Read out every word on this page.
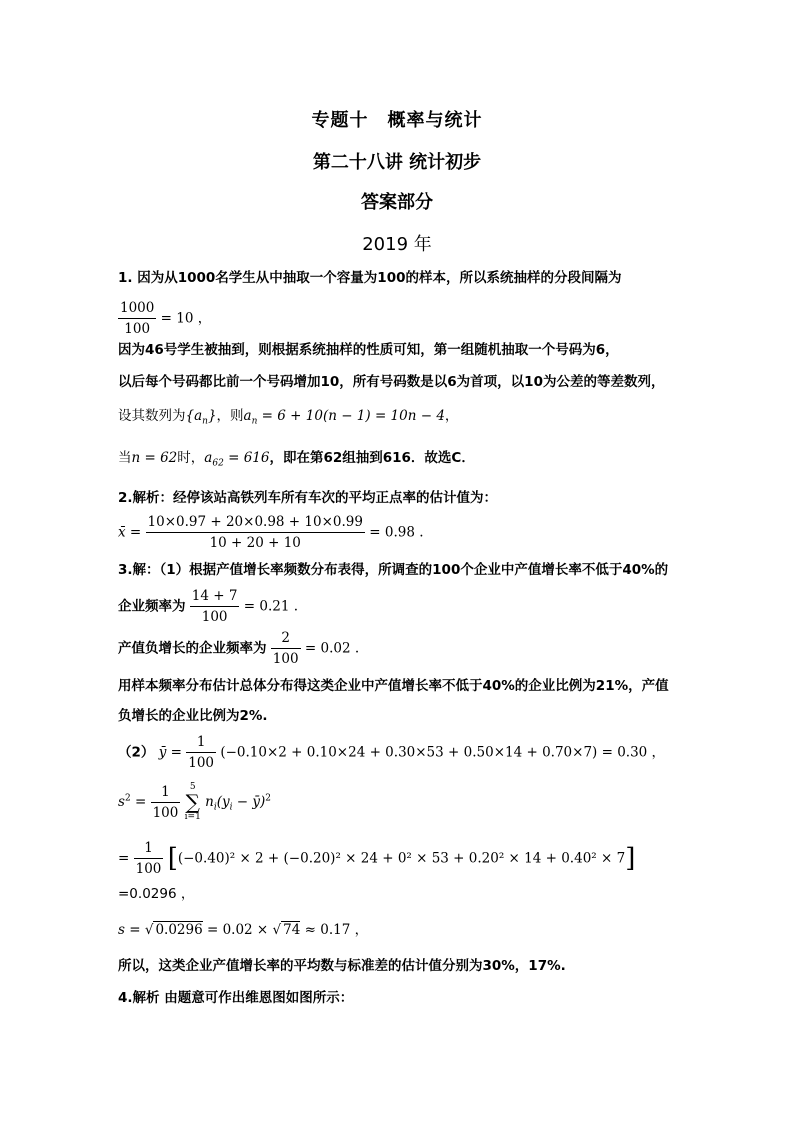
专题十　概率与统计
第二十八讲 统计初步
答案部分
2019 年
1. 因为从1000名学生从中抽取一个容量为100的样本，所以系统抽样的分段间隔为
$\frac{1000}{100} = 10$ ，
因为46号学生被抽到，则根据系统抽样的性质可知，第一组随机抽取一个号码为6，
以后每个号码都比前一个号码增加10，所有号码数是以6为首项，以10为公差的等差数列，
设其数列为$\{a_n\}$，则$a_n = 6 + 10(n - 1) = 10n - 4$，
当n = 62时，$a_{62} = 616$，即在第62组抽到616．故选C．
2.解析：经停该站高铁列车所有车次的平均正点率的估计值为：
x̄ = $\frac{10\times 0.97 + 20\times 0.98 + 10\times 0.99}{10 + 20 + 10} = 0.98$ .
3.解：（1）根据产值增长率频数分布表得，所调查的100个企业中产值增长率不低于40%的
企业频率为 $\frac{14 + 7}{100} = 0.21$ .
产值负增长的企业频率为 $\frac{2}{100} = 0.02$ .
用样本频率分布估计总体分布得这类企业中产值增长率不低于40%的企业比例为21%，产值
负增长的企业比例为2%.
（2） ȳ = $\frac{1}{100} (-0.10\times 2 + 0.10\times 24 + 0.30\times 53 + 0.50\times 14 + 0.70\times 7) = 0.30$ ，
$s^2 = \frac{1}{100}$
	5
∑
i=1
$n_i(y_i$ − ȳ)$^2$
= $\frac{1}{100} [(-0.40)^2 \times 2 + (-0.20)^2 \times 24 + 0^2 \times 53 + 0.20^2 \times 14 + 0.40^2 \times 7]$
=0.0296 ，
s = √ 0.0296 = 0.02 × √ 74 ≈ 0.17 ，
所以，这类企业产值增长率的平均数与标准差的估计值分别为30%，17%.
4.解析 由题意可作出维恩图如图所示：
